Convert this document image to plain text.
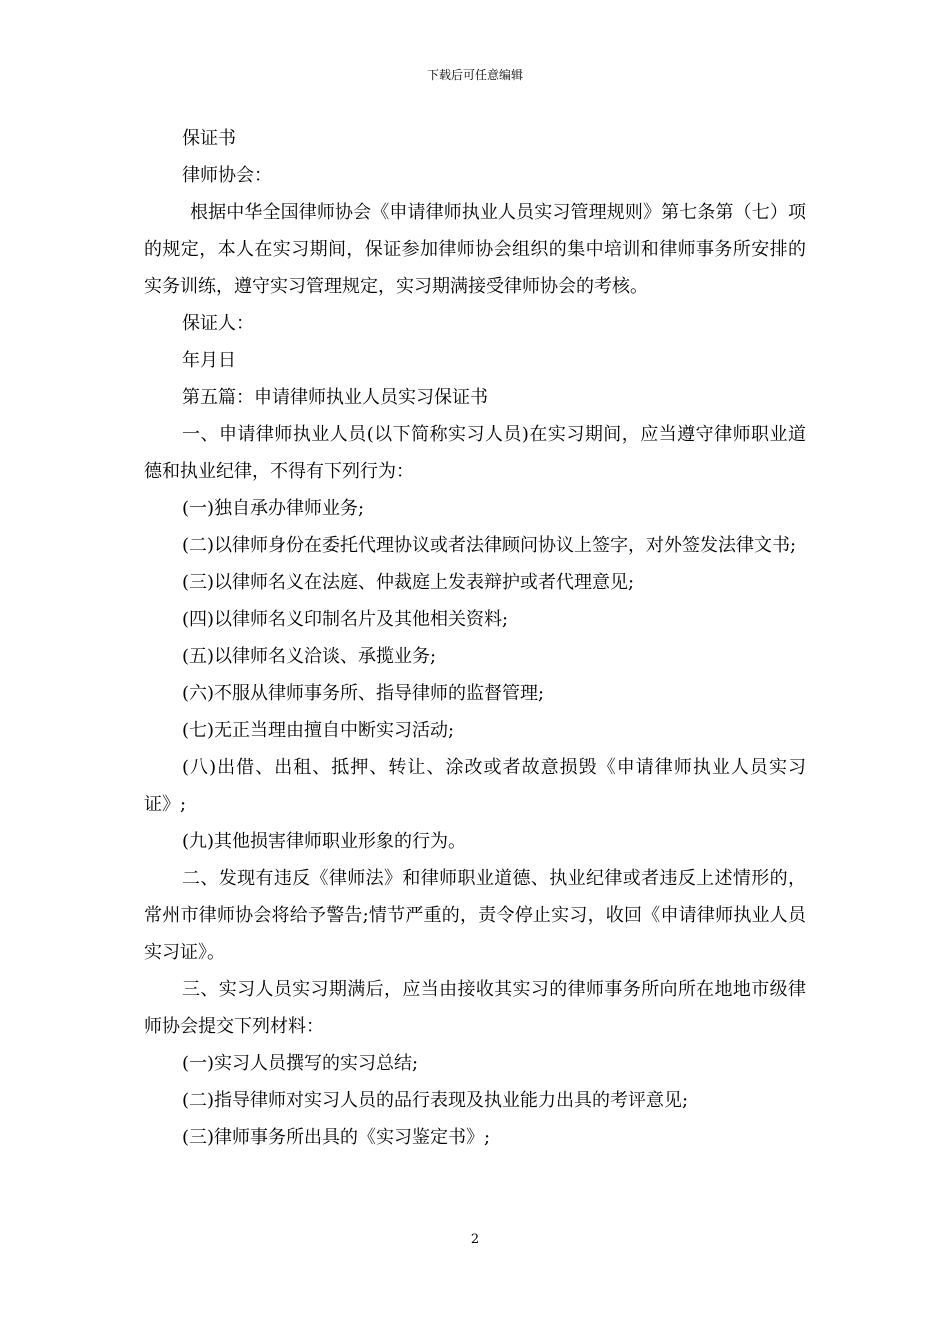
下载后可任意编辑

保证书

律师协会：

根据中华全国律师协会《申请律师执业人员实习管理规则》第七条第（七）项的规定，本人在实习期间，保证参加律师协会组织的集中培训和律师事务所安排的实务训练，遵守实习管理规定，实习期满接受律师协会的考核。

保证人：

年月日

第五篇：申请律师执业人员实习保证书

一、申请律师执业人员(以下简称实习人员)在实习期间，应当遵守律师职业道德和执业纪律，不得有下列行为：

(一)独自承办律师业务;

(二)以律师身份在委托代理协议或者法律顾问协议上签字，对外签发法律文书;

(三)以律师名义在法庭、仲裁庭上发表辩护或者代理意见;

(四)以律师名义印制名片及其他相关资料;

(五)以律师名义洽谈、承揽业务;

(六)不服从律师事务所、指导律师的监督管理;

(七)无正当理由擅自中断实习活动;

(八)出借、出租、抵押、转让、涂改或者故意损毁《申请律师执业人员实习证》;

(九)其他损害律师职业形象的行为。

二、发现有违反《律师法》和律师职业道德、执业纪律或者违反上述情形的，常州市律师协会将给予警告;情节严重的，责令停止实习，收回《申请律师执业人员实习证》。

三、实习人员实习期满后，应当由接收其实习的律师事务所向所在地地市级律师协会提交下列材料：

(一)实习人员撰写的实习总结;

(二)指导律师对实习人员的品行表现及执业能力出具的考评意见;

(三)律师事务所出具的《实习鉴定书》;

2
